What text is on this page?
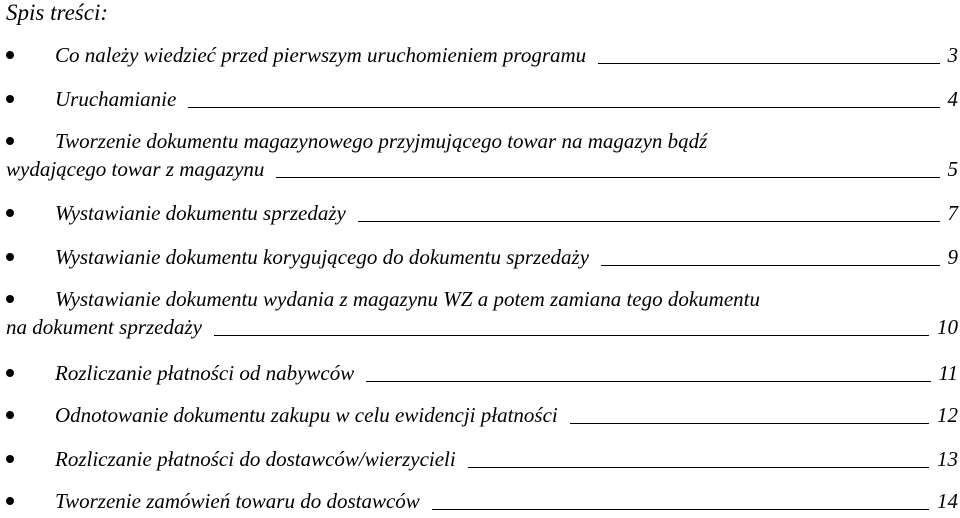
Spis treści:
Co należy wiedzieć przed pierwszym uruchomieniem programu	3
Uruchamianie	4
Tworzenie dokumentu magazynowego przyjmującego towar na magazyn bądź
wydającego towar z magazynu	5
Wystawianie dokumentu sprzedaży	7
Wystawianie dokumentu korygującego do dokumentu sprzedaży	9
Wystawianie dokumentu wydania z magazynu WZ a potem zamiana tego dokumentu
na dokument sprzedaży	10
Rozliczanie płatności od nabywców	11
Odnotowanie dokumentu zakupu w celu ewidencji płatności	12
Rozliczanie płatności do dostawców/wierzycieli	13
Tworzenie zamówień towaru do dostawców	14
